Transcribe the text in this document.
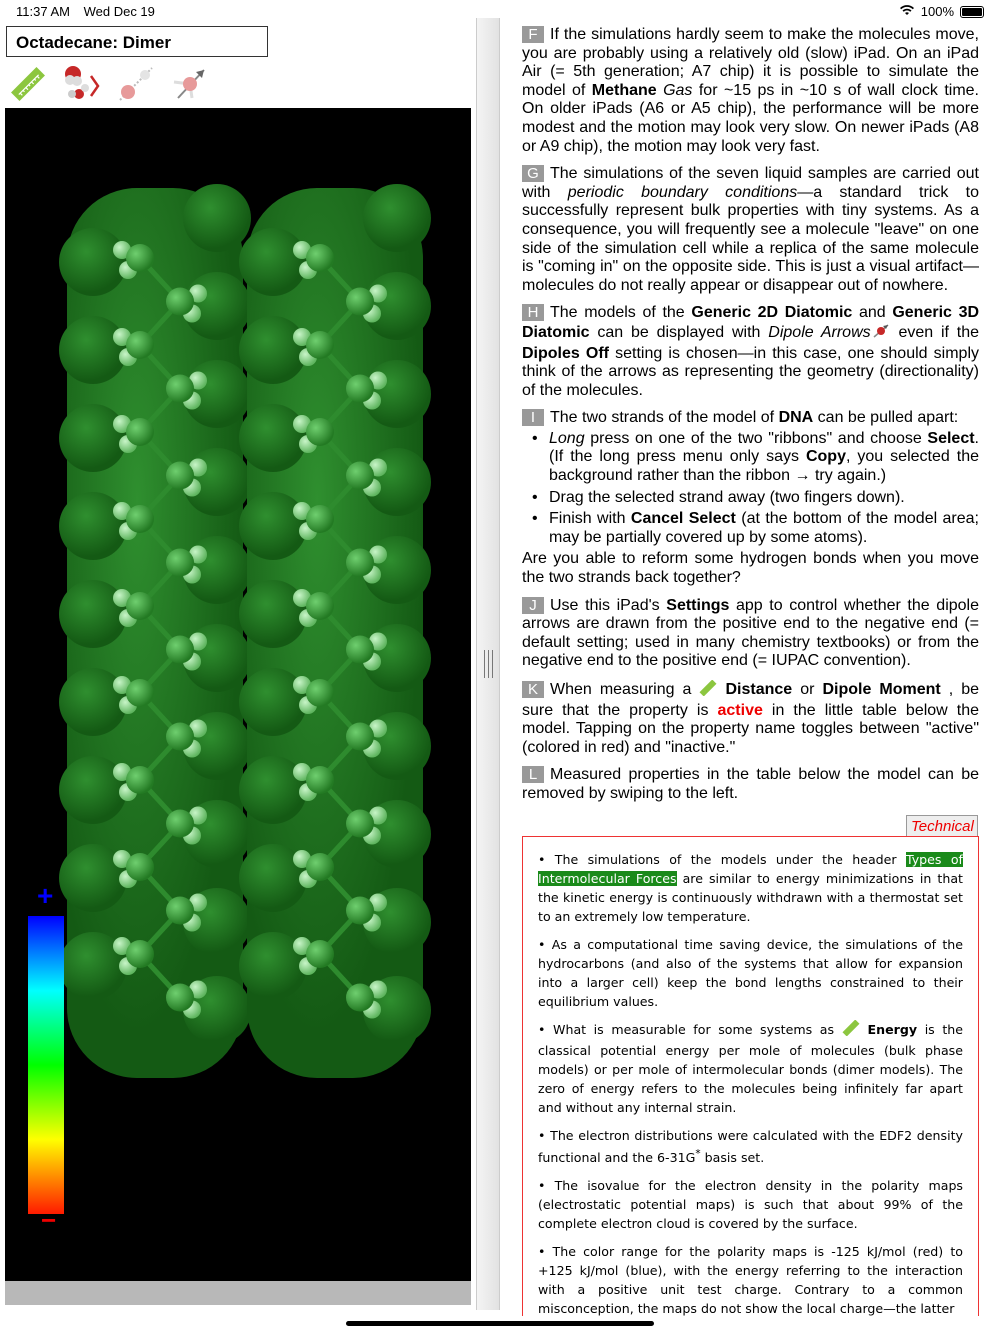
11:37 AM Wed Dec 19	100%
Octadecane: Dimer
+
−
F If the simulations hardly seem to make the molecules move, you are probably using a relatively old (slow) iPad. On an iPad Air (= 5th generation; A7 chip) it is possible to simulate the model of Methane Gas for ~15 ps in ~10 s of wall clock time. On older iPads (A6 or A5 chip), the performance will be more modest and the motion may look very slow. On newer iPads (A8 or A9 chip), the motion may look very fast.
G The simulations of the seven liquid samples are carried out with periodic boundary conditions—a standard trick to successfully represent bulk properties with tiny systems. As a consequence, you will frequently see a molecule "leave" on one side of the simulation cell while a replica of the same molecule is "coming in" on the opposite side. This is just a visual artifact—molecules do not really appear or disappear out of nowhere.
H The models of the Generic 2D Diatomic and Generic 3D Diatomic can be displayed with Dipole Arrows even if the Dipoles Off setting is chosen—in this case, one should simply think of the arrows as representing the geometry (directionality) of the molecules.
I The two strands of the model of DNA can be pulled apart:
• Long press on one of the two "ribbons" and choose Select. (If the long press menu only says Copy, you selected the background rather than the ribbon → try again.)
• Drag the selected strand away (two fingers down).
• Finish with Cancel Select (at the bottom of the model area; may be partially covered up by some atoms).
Are you able to reform some hydrogen bonds when you move the two strands back together?
J Use this iPad's Settings app to control whether the dipole arrows are drawn from the positive end to the negative end (= default setting; used in many chemistry textbooks) or from the negative end to the positive end (= IUPAC convention).
K When measuring a  Distance or Dipole Moment , be sure that the property is active in the little table below the model. Tapping on the property name toggles between "active" (colored in red) and "inactive."
L Measured properties in the table below the model can be removed by swiping to the left.
Technical

• The simulations of the models under the header Types of Intermolecular Forces are similar to energy minimizations in that the kinetic energy is continuously withdrawn with a thermostat set to an extremely low temperature.

• As a computational time saving device, the simulations of the hydrocarbons (and also of the systems that allow for expansion into a larger cell) keep the bond lengths constrained to their equilibrium values.

• What is measurable for some systems as  Energy is the classical potential energy per mole of molecules (bulk phase models) or per mole of intermolecular bonds (dimer models). The zero of energy refers to the molecules being infinitely far apart and without any internal strain.

• The electron distributions were calculated with the EDF2 density functional and the 6-31G* basis set.

• The isovalue for the electron density in the polarity maps (electrostatic potential maps) is such that about 99% of the complete electron cloud is covered by the surface.

• The color range for the polarity maps is -125 kJ/mol (red) to +125 kJ/mol (blue), with the energy referring to the interaction with a positive unit test charge. Contrary to a common misconception, the maps do not show the local charge—the latter
